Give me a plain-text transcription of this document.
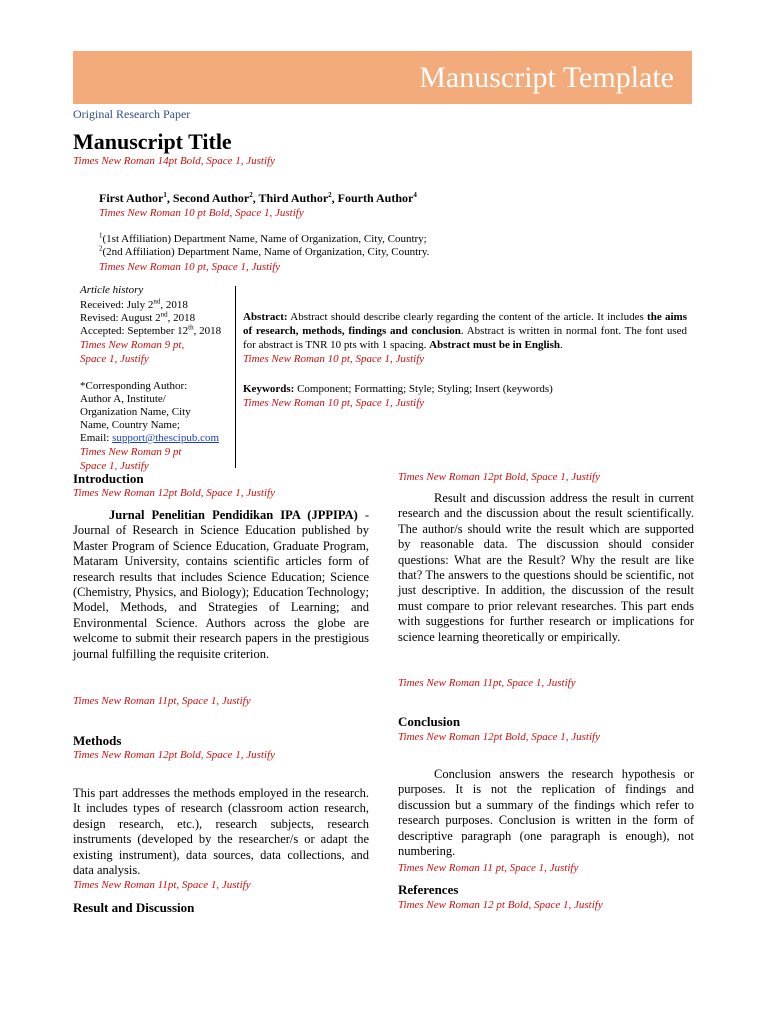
Manuscript Template
Original Research Paper
Manuscript Title
Times New Roman 14pt Bold, Space 1, Justify
First Author$^1$, Second Author$^2$, Third Author$^2$, Fourth Author$^4$
Times New Roman 10 pt Bold, Space 1, Justify
$^1$(1st Affiliation) Department Name, Name of Organization, City, Country;
$^2$(2nd Affiliation) Department Name, Name of Organization, City, Country.
Times New Roman 10 pt, Space 1, Justify
Article history
Received: July 2nd, 2018
Revised: August 2nd, 2018
Accepted: September 12th, 2018
Times New Roman 9 pt,
Space 1, Justify
*Corresponding Author:
Author A, Institute/
Organization Name, City
Name, Country Name;
Email: support@thescipub.com
Times New Roman 9 pt
Space 1, Justify
Abstract: Abstract should describe clearly regarding the content of the article. It includes the aims of research, methods, findings and conclusion. Abstract is written in normal font. The font used for abstract is TNR 10 pts with 1 spacing. Abstract must be in English.
Times New Roman 10 pt, Space 1, Justify
Keywords: Component; Formatting; Style; Styling; Insert (keywords)
Times New Roman 10 pt, Space 1, Justify
Introduction
Times New Roman 12pt Bold, Space 1, Justify
Jurnal Penelitian Pendidikan IPA (JPPIPA) - Journal of Research in Science Education published by Master Program of Science Education, Graduate Program, Mataram University, contains scientific articles form of research results that includes Science Education; Science (Chemistry, Physics, and Biology); Education Technology; Model, Methods, and Strategies of Learning; and Environmental Science. Authors across the globe are welcome to submit their research papers in the prestigious journal fulfilling the requisite criterion.
Times New Roman 11pt, Space 1, Justify
Methods
Times New Roman 12pt Bold, Space 1, Justify
This part addresses the methods employed in the research. It includes types of research (classroom action research, design research, etc.), research subjects, research instruments (developed by the researcher/s or adapt the existing instrument), data sources, data collections, and data analysis.
Times New Roman 11pt, Space 1, Justify
Result and Discussion
Times New Roman 12pt Bold, Space 1, Justify
Result and discussion address the result in current research and the discussion about the result scientifically. The author/s should write the result which are supported by reasonable data. The discussion should consider questions: What are the Result? Why the result are like that? The answers to the questions should be scientific, not just descriptive. In addition, the discussion of the result must compare to prior relevant researches. This part ends with suggestions for further research or implications for science learning theoretically or empirically.
Times New Roman 11pt, Space 1, Justify
Conclusion
Times New Roman 12pt Bold, Space 1, Justify
Conclusion answers the research hypothesis or purposes. It is not the replication of findings and discussion but a summary of the findings which refer to research purposes. Conclusion is written in the form of descriptive paragraph (one paragraph is enough), not numbering.
Times New Roman 11 pt, Space 1, Justify
References
Times New Roman 12 pt Bold, Space 1, Justify
